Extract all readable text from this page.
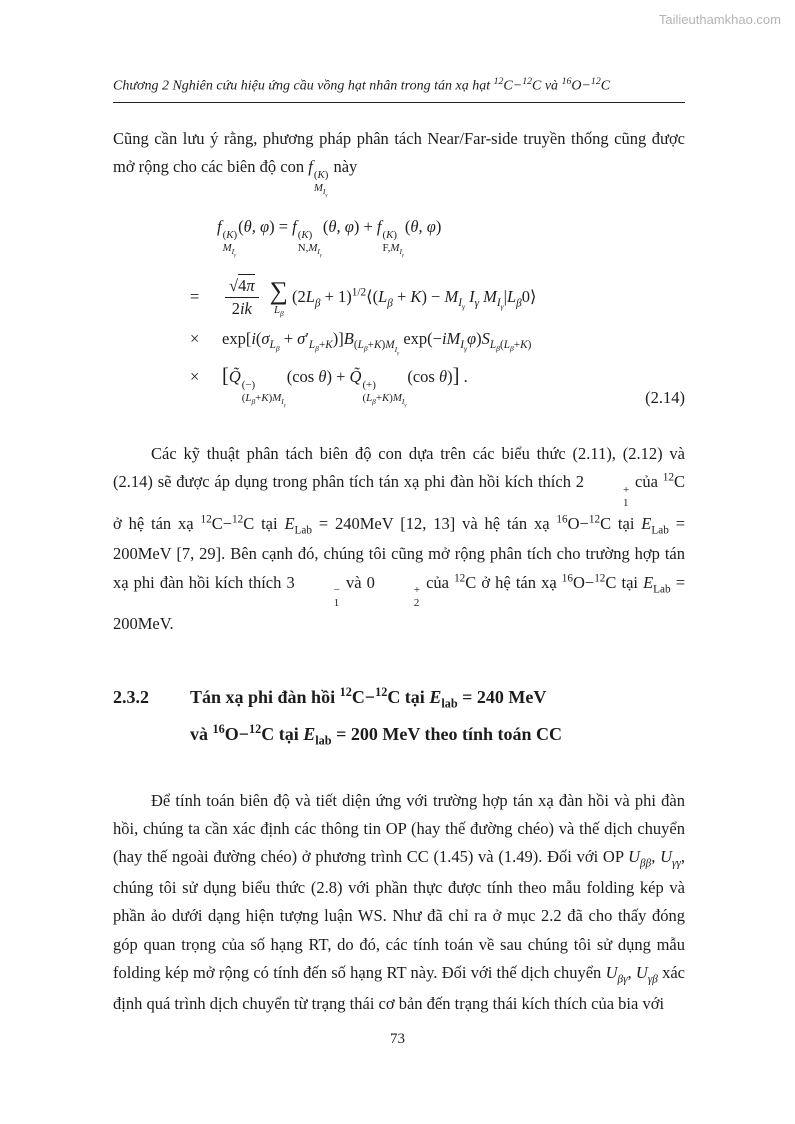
Tailieuthamkhao.com
Chương 2 Nghiên cứu hiệu ứng cầu vồng hạt nhân trong tán xạ hạt $^{12}$C−$^{12}$C và $^{16}$O−$^{12}$C

Cũng cần lưu ý rằng, phương pháp phân tách Near/Far-side truyền thống cũng được mở rộng cho các biên độ con f (K)
$M_{I_\gamma}$
này

f (K)
$M_{I_\gamma}$
(θ, φ) = f (K)
$N,M_{I_\gamma}$
(θ, φ) + f (K)
$F,M_{I_\gamma}$
(θ, φ)
= $\frac{√4\pi}{2ik}$
∑
$L_\beta$
($2L_\beta$ + $1)^{1/2}⟨(L_\beta + K) - M_{I_\gamma}$ $I_\gamma$ $M_{I_\gamma}|L_\beta 0⟩$
× $\exp[i(\sigma_{L_\beta} + \sigma'_{L_\beta+K})]B_{(L_\beta+K)M_{I_\gamma}}$ $\exp(-iM_{I_\gamma}\varphi)S_{L_\beta(L_\beta+K)}$
× [Q̃ (−)
$(L_\beta+K)M_{I_\gamma}$
(cos θ) + Q̃ (+)
$(L_\beta+K)M_{I_\gamma}$
(cos θ)] .
(2.14)

Các kỹ thuật phân tách biên độ con dựa trên các biểu thức (2.11), (2.12) và (2.14) sẽ được áp dụng trong phân tích tán xạ phi đàn hồi kích thích 2	+
1
của $^{12}$C ở hệ tán xạ $^{12}$C−$^{12}$C tại $E_{Lab} = 240MeV$ [12, 13] và hệ tán xạ $^{16}$O−$^{12}$C tại $E_{Lab} = 200MeV$ [7, 29]. Bên cạnh đó, chúng tôi cũng mở rộng phân tích cho trường hợp tán xạ phi đàn hồi kích thích 3	−
1
và 0	+
2
của $^{12}$C ở hệ tán xạ $^{16}$O−$^{12}$C tại $E_{Lab} = 200MeV$.

2.3.2	Tán xạ phi đàn hồi $^{12}$C−$^{12}$C tại $E_{lab} = 240$ MeV
và $^{16}$O−$^{12}$C tại $E_{lab} = 200$ MeV theo tính toán CC

Để tính toán biên độ và tiết diện ứng với trường hợp tán xạ đàn hồi và phi đàn hồi, chúng ta cần xác định các thông tin OP (hay thế đường chéo) và thế dịch chuyển (hay thế ngoài đường chéo) ở phương trình CC (1.45) và (1.49). Đối với OP $U_{\beta\beta}$, $U_{\gamma\gamma}$, chúng tôi sử dụng biểu thức (2.8) với phần thực được tính theo mẫu folding kép và phần ảo dưới dạng hiện tượng luận WS. Như đã chỉ ra ở mục 2.2 đã cho thấy đóng góp quan trọng của số hạng RT, do đó, các tính toán về sau chúng tôi sử dụng mẫu folding kép mở rộng có tính đến số hạng RT này. Đối với thế dịch chuyển $U_{\beta\gamma}$, $U_{\gamma\beta}$ xác định quá trình dịch chuyển từ trạng thái cơ bản đến trạng thái kích thích của bia với

73
